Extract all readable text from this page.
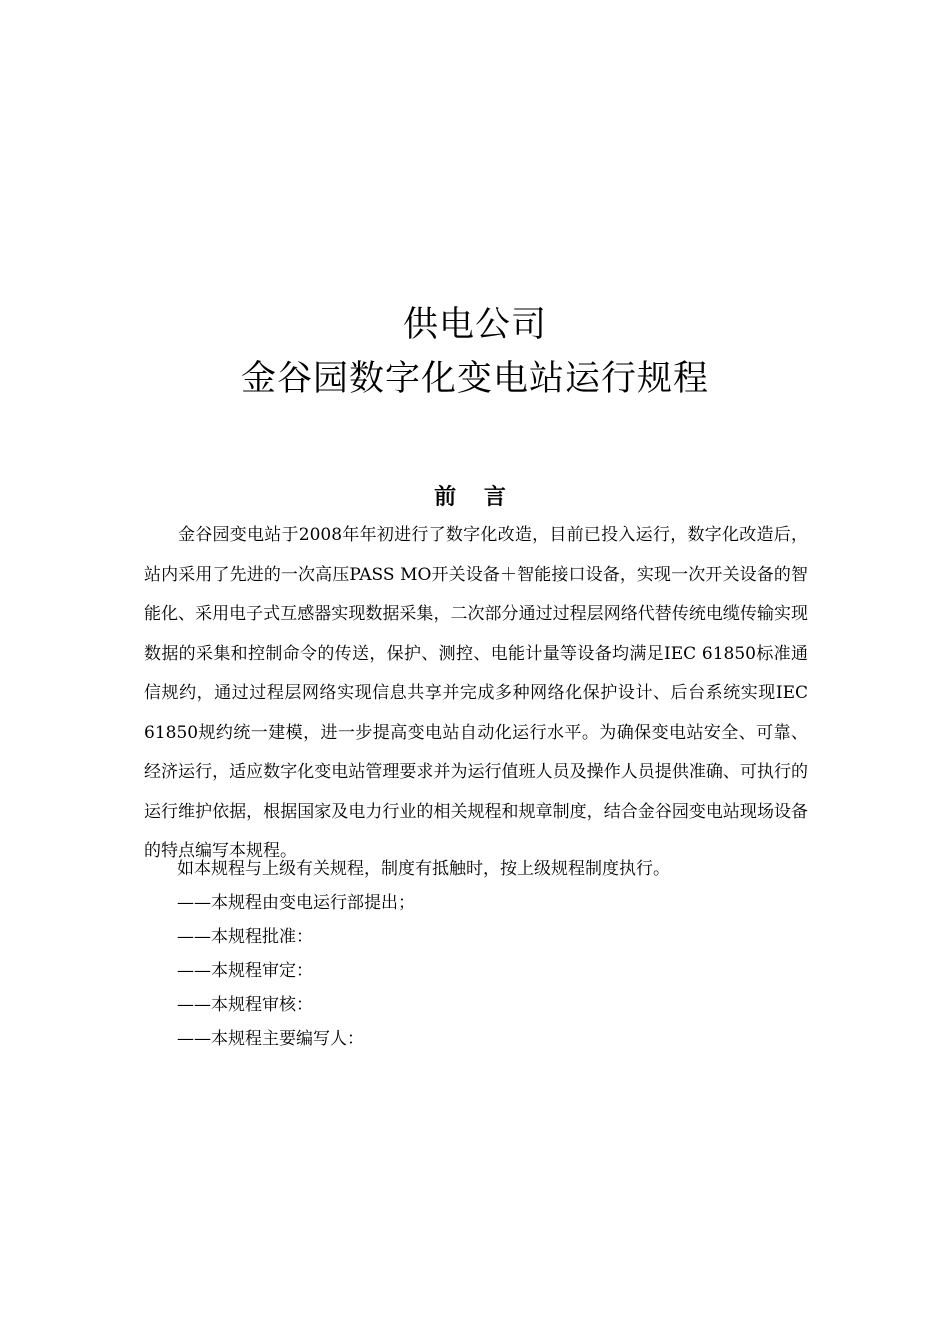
供电公司
金谷园数字化变电站运行规程
前 言
金谷园变电站于2008年年初进行了数字化改造，目前已投入运行，数字化改造后，站内采用了先进的一次高压PASS MO开关设备＋智能接口设备，实现一次开关设备的智能化、采用电子式互感器实现数据采集，二次部分通过过程层网络代替传统电缆传输实现数据的采集和控制命令的传送，保护、测控、电能计量等设备均满足IEC 61850标准通信规约，通过过程层网络实现信息共享并完成多种网络化保护设计、后台系统实现IEC 61850规约统一建模，进一步提高变电站自动化运行水平。为确保变电站安全、可靠、经济运行，适应数字化变电站管理要求并为运行值班人员及操作人员提供准确、可执行的运行维护依据，根据国家及电力行业的相关规程和规章制度，结合金谷园变电站现场设备的特点编写本规程。
如本规程与上级有关规程，制度有抵触时，按上级规程制度执行。
——本规程由变电运行部提出；
——本规程批准：
——本规程审定：
——本规程审核：
——本规程主要编写人：
